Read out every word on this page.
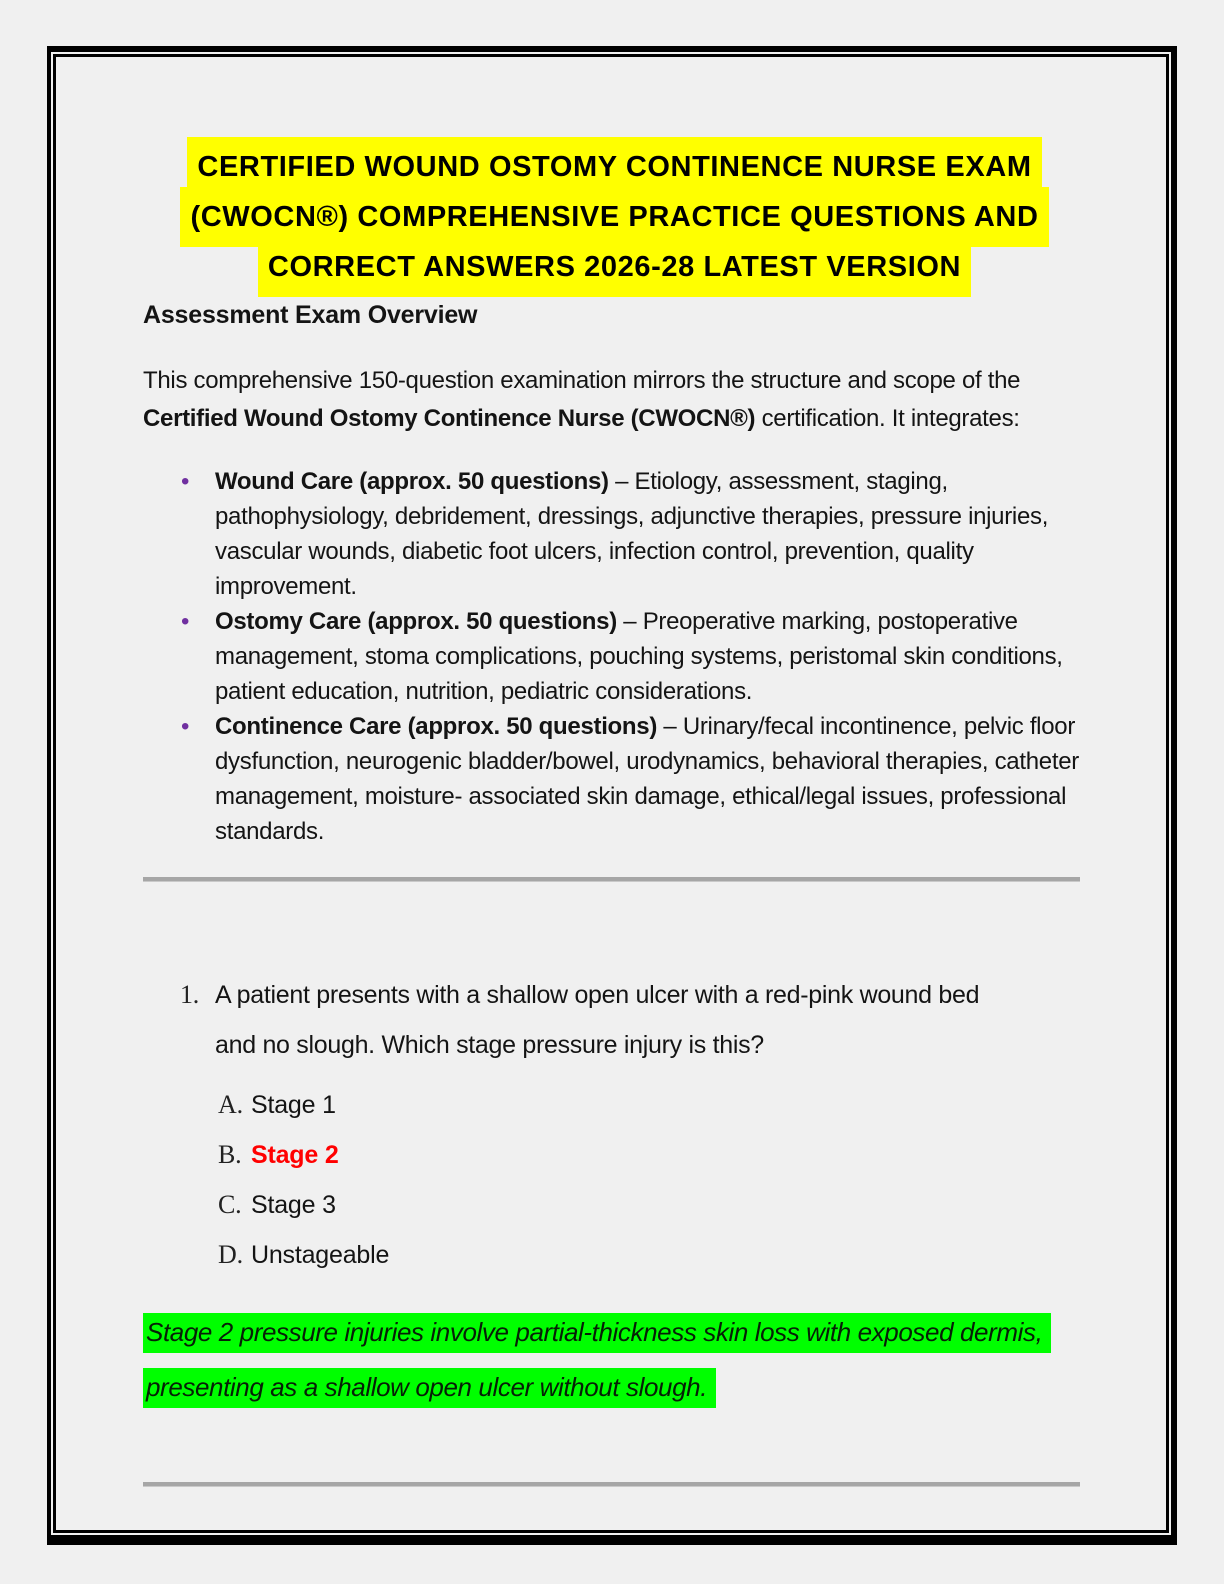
CERTIFIED WOUND OSTOMY CONTINENCE NURSE EXAM
(CWOCN®) COMPREHENSIVE PRACTICE QUESTIONS AND
CORRECT ANSWERS 2026-28 LATEST VERSION
Assessment Exam Overview
This comprehensive 150-question examination mirrors the structure and scope of the Certified Wound Ostomy Continence Nurse (CWOCN®) certification. It integrates:
• Wound Care (approx. 50 questions) – Etiology, assessment, staging, pathophysiology, debridement, dressings, adjunctive therapies, pressure injuries, vascular wounds, diabetic foot ulcers, infection control, prevention, quality improvement.
• Ostomy Care (approx. 50 questions) – Preoperative marking, postoperative management, stoma complications, pouching systems, peristomal skin conditions, patient education, nutrition, pediatric considerations.
• Continence Care (approx. 50 questions) – Urinary/fecal incontinence, pelvic floor dysfunction, neurogenic bladder/bowel, urodynamics, behavioral therapies, catheter management, moisture- associated skin damage, ethical/legal issues, professional standards.
1. A patient presents with a shallow open ulcer with a red-pink wound bed
and no slough. Which stage pressure injury is this?
A. Stage 1
B. Stage 2
C. Stage 3
D. Unstageable
Stage 2 pressure injuries involve partial-thickness skin loss with exposed dermis,
presenting as a shallow open ulcer without slough.
